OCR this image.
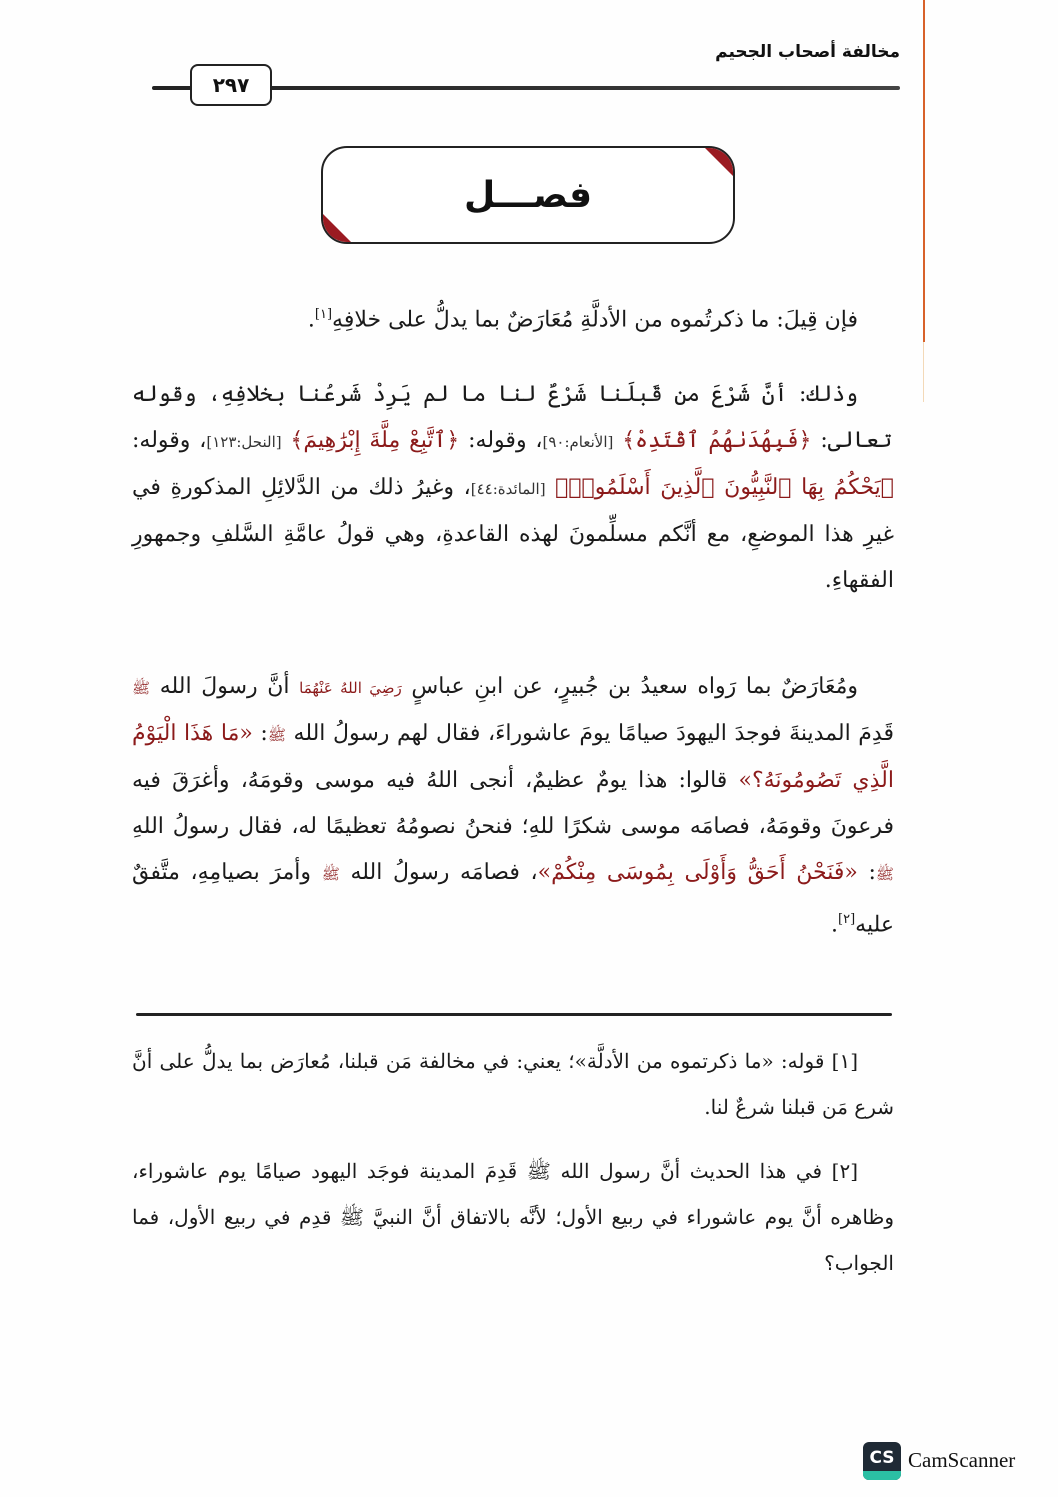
مخالفة أصحاب الجحيم
٢٩٧
فصـــل

فإن قِيلَ: ما ذكرتُموه من الأدلَّةِ مُعَارَضٌ بما يدلُّ على خلافِهِ[١].

وذلك: أنَّ شَرْعَ من قَبلَنا شَرْعٌ لنا ما لم يَرِدْ شَرعُنا بخلافِهِ، وقوله تعالى: ﴿فَبِهُدَىٰهُمُ ٱقْتَدِهْ﴾ [الأنعام:٩٠]، وقوله: ﴿ٱتَّبِعْ مِلَّةَ إِبْرَٰهِيمَ﴾ [النحل:١٢٣]، وقوله: ﴿يَحْكُمُ بِهَا ٱلنَّبِيُّونَ ٱلَّذِينَ أَسْلَمُوا۟﴾ [المائدة:٤٤]، وغيرُ ذلك من الدَّلائِلِ المذكورةِ في غيرِ هذا الموضعِ، مع أنَّكم مسلِّمونَ لهذه القاعدةِ، وهي قولُ عامَّةِ السَّلفِ وجمهورِ الفقهاءِ.

ومُعَارَضٌ بما رَواه سعيدُ بن جُبيرٍ، عن ابنِ عباسٍ رَضِيَ اللهُ عَنْهُمَا أنَّ رسولَ الله ﷺ قَدِمَ المدينةَ فوجدَ اليهودَ صيامًا يومَ عاشوراءَ، فقال لهم رسولُ الله ﷺ: «مَا هَذَا الْيَوْمُ الَّذِي تَصُومُونَهُ؟» قالوا: هذا يومٌ عظيمٌ، أنجى اللهُ فيه موسى وقومَهُ، وأغرَقَ فيه فرعونَ وقومَهُ، فصامَه موسى شكرًا للهِ؛ فنحنُ نصومُهُ تعظيمًا له، فقال رسولُ اللهِ ﷺ: «فَنَحْنُ أَحَقُّ وَأَوْلَى بِمُوسَى مِنْكُمْ»، فصامَه رسولُ الله ﷺ وأمرَ بصيامِهِ، متَّفقٌ عليه[٢].

[١] قوله: «ما ذكرتموه من الأدلَّة»؛ يعني: في مخالفة مَن قبلنا، مُعارَض بما يدلُّ على أنَّ شرع مَن قبلنا شرعٌ لنا.

[٢] في هذا الحديث أنَّ رسول الله ﷺ قَدِمَ المدينة فوجَد اليهود صيامًا يوم عاشوراء، وظاهره أنَّ يوم عاشوراء في ربيع الأول؛ لأنَّه بالاتفاق أنَّ النبيَّ ﷺ قدِم في ربيع الأول، فما الجواب؟

CS CamScanner
